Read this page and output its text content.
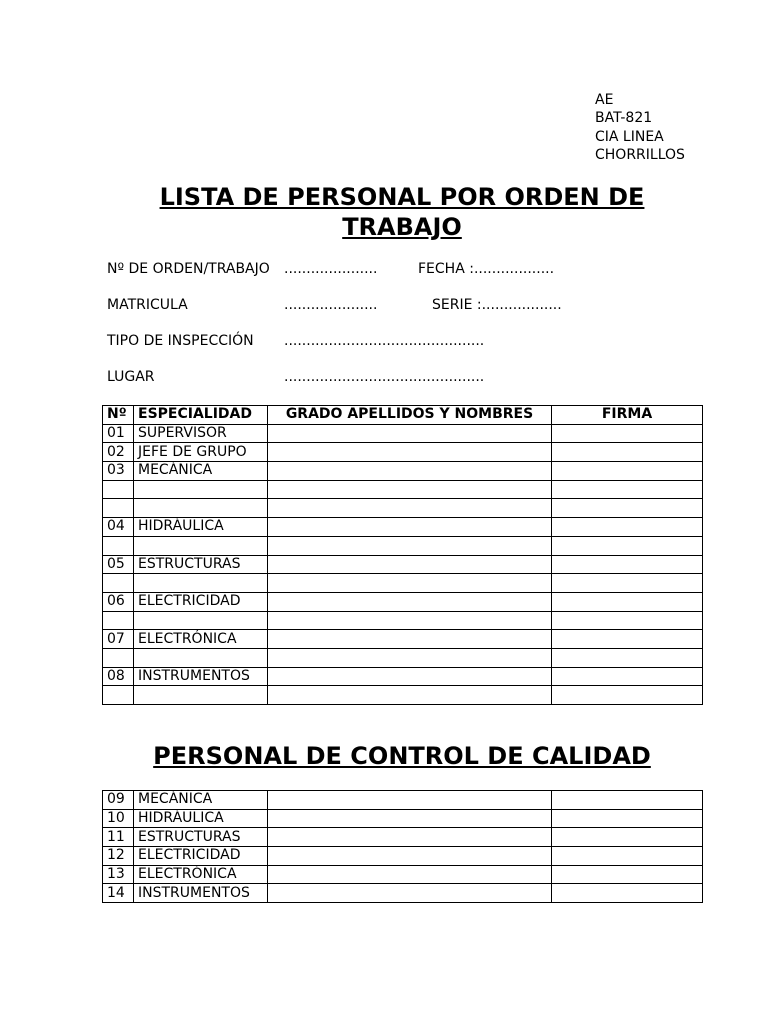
AE
BAT-821
CIA LINEA
CHORRILLOS
LISTA DE PERSONAL POR ORDEN DE
TRABAJO
Nº DE ORDEN/TRABAJO .....................	FECHA :..................
MATRICULA	.....................	SERIE :..................
TIPO DE INSPECCIÓN .............................................
LUGAR	.............................................
Nº	ESPECIALIDAD	GRADO APELLIDOS Y NOMBRES	FIRMA
01	SUPERVISOR		
02	JEFE DE GRUPO		
03	MECÁNICA		

04	HIDRÁULICA		

05	ESTRUCTURAS		

06	ELECTRICIDAD		

07	ELECTRÓNICA		

08	INSTRUMENTOS		

PERSONAL DE CONTROL DE CALIDAD
09	MECÁNICA		
10	HIDRÁULICA		
11	ESTRUCTURAS		
12	ELECTRICIDAD		
13	ELECTRÓNICA		
14	INSTRUMENTOS		
